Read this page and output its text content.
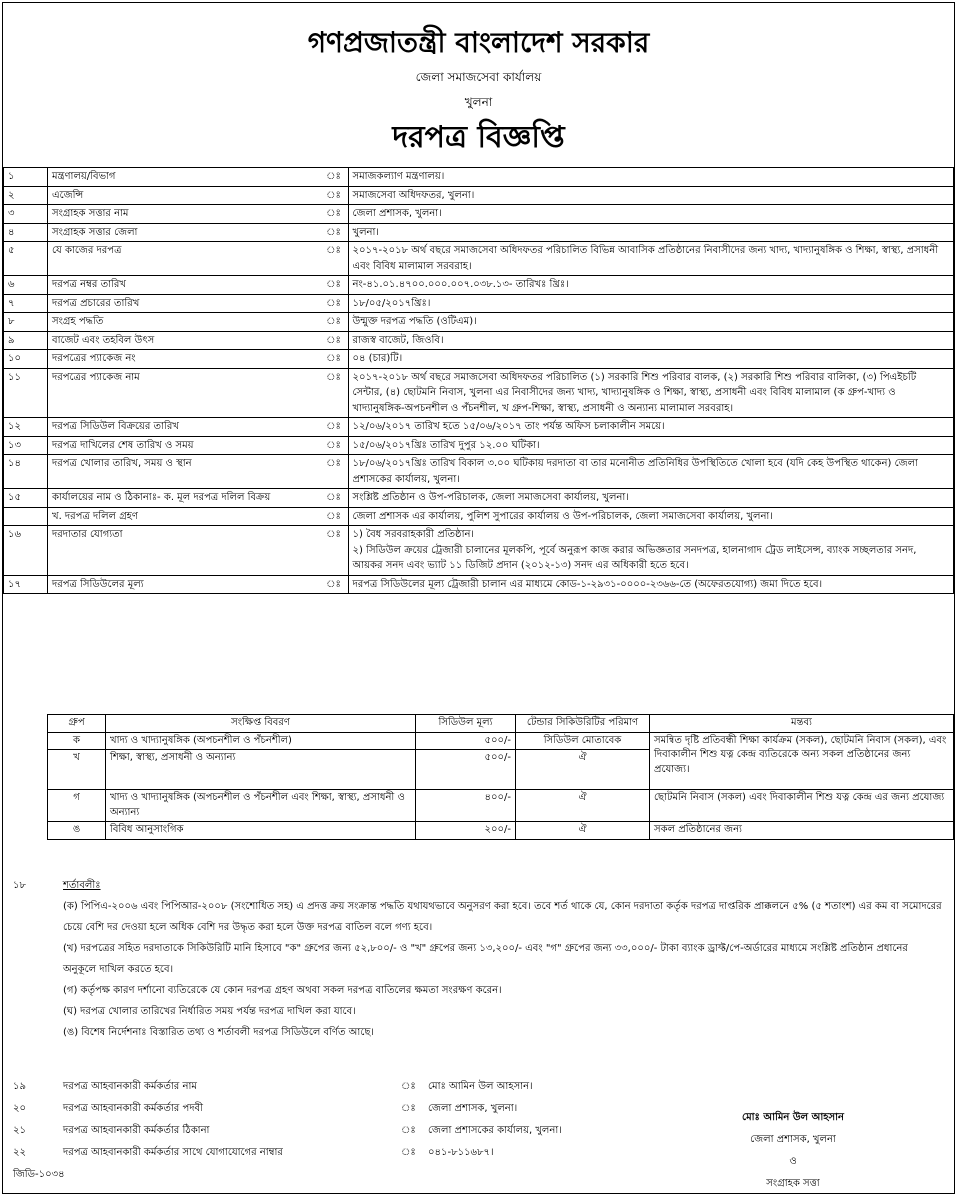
গণপ্রজাতন্ত্রী বাংলাদেশ সরকার
জেলা সমাজসেবা কার্যালয়
খুলনা
দরপত্র বিজ্ঞপ্তি
১	মন্ত্রণালয়/বিভাগ	ঃ	সমাজকল্যাণ মন্ত্রণালয়।
২	এজেন্সি	ঃ	সমাজসেবা অধিদফতর, খুলনা।
৩	সংগ্রাহক সত্তার নাম	ঃ	জেলা প্রশাসক, খুলনা।
৪	সংগ্রাহক সত্তার জেলা	ঃ	খুলনা।
৫	যে কাজের দরপত্র	ঃ	২০১৭-২০১৮ অর্থ বছরে সমাজসেবা অধিদফতর পরিচালিত বিভিন্ন আবাসিক প্রতিষ্ঠানের নিবাসীদের জন্য খাদ্য, খাদ্যানুষঙ্গিক ও শিক্ষা, স্বাস্থ্য, প্রসাধনী এবং বিবিধ মালামাল সরবরাহ।
৬	দরপত্র নম্বর তারিখ	ঃ	নং-৪১.০১.৪৭০০.০০০.০০৭.০৩৮.১৩- তারিখঃ খ্রিঃ।
৭	দরপত্র প্রচারের তারিখ	ঃ	১৮/০৫/২০১৭খ্রিঃ।
৮	সংগ্রহ পদ্ধতি	ঃ	উন্মুক্ত দরপত্র পদ্ধতি (ওটিএম)।
৯	বাজেট এবং তহবিল উৎস	ঃ	রাজস্ব বাজেট, জিওবি।
১০	দরপত্রের প্যাকেজ নং	ঃ	০৪ (চার)টি।
১১	দরপত্রের প্যাকেজ নাম	ঃ	২০১৭-২০১৮ অর্থ বছরে সমাজসেবা অধিদফতর পরিচালিত (১) সরকারি শিশু পরিবার বালক, (২) সরকারি শিশু পরিবার বালিকা, (৩) পিএইচটি সেন্টার, (৪) ছোটমনি নিবাস, খুলনা এর নিবাসীদের জন্য খাদ্য, খাদ্যানুষঙ্গিক ও শিক্ষা, স্বাস্থ্য, প্রসাধনী এবং বিবিধ মালামাল (ক গ্রুপ-খাদ্য ও খাদ্যানুষঙ্গিক-অপচনশীল ও পঁচনশীল, খ গ্রুপ-শিক্ষা, স্বাস্থ্য, প্রসাধনী ও অন্যান্য মালামাল সরবরাহ।
১২	দরপত্র সিডিউল বিক্রয়ের তারিখ	ঃ	১২/০৬/২০১৭ তারিখ হতে ১৫/০৬/২০১৭ তাং পর্যন্ত অফিস চলাকালীন সময়ে।
১৩	দরপত্র দাখিলের শেষ তারিখ ও সময়	ঃ	১৫/০৬/২০১৭খ্রিঃ তারিখ দুপুর ১২.০০ ঘটিকা।
১৪	দরপত্র খোলার তারিখ, সময় ও স্থান	ঃ	১৮/০৬/২০১৭খ্রিঃ তারিখ বিকাল ৩.০০ ঘটিকায় দরদাতা বা তার মনোনীত প্রতিনিধির উপস্থিতিতে খোলা হবে (যদি কেহ উপস্থিত থাকেন) জেলা প্রশাসকের কার্যালয়, খুলনা।
১৫	কার্যালয়ের নাম ও ঠিকানাঃ- ক. মূল দরপত্র দলিল বিক্রয়	ঃ	সংশ্লিষ্ট প্রতিষ্ঠান ও উপ-পরিচালক, জেলা সমাজসেবা কার্যালয়, খুলনা।
	খ. দরপত্র দলিল গ্রহণ	ঃ	জেলা প্রশাসক এর কার্যালয়, পুলিশ সুপারের কার্যালয় ও উপ-পরিচালক, জেলা সমাজসেবা কার্যালয়, খুলনা।
১৬	দরদাতার যোগ্যতা	ঃ	১) বৈধ সরবরাহকারী প্রতিষ্ঠান।
২) সিডিউল ক্রয়ের ট্রেজারী চালানের মূলকপি, পূর্বে অনুরূপ কাজ করার অভিজ্ঞতার সনদপত্র, হালনাগাদ ট্রেড লাইসেন্স, ব্যাংক সচ্ছলতার সনদ, আয়কর সনদ এবং ভ্যাট ১১ ডিজিট প্রদান (২০১২-১৩) সনদ এর অধিকারী হতে হবে।
১৭	দরপত্র সিডিউলের মূল্য	ঃ	দরপত্র সিডিউলের মূল্য ট্রেজারী চালান এর মাধ্যমে কোড-১-২৯৩১-০০০০-২৩৬৬-তে (অফেরতযোগ্য) জমা দিতে হবে।
গ্রুপ	সংক্ষিপ্ত বিবরণ	সিডিউল মূল্য	টেন্ডার সিকিউরিটির পরিমাণ	মন্তব্য
ক	খাদ্য ও খাদ্যানুষঙ্গিক (অপচনশীল ও পঁচনশীল)	৫০০/-	সিডিউল মোতাবেক	সমন্বিত দৃষ্টি প্রতিবন্ধী শিক্ষা কার্যক্রম (সকল), ছোটমনি নিবাস (সকল), এবং দিবাকালীন শিশু যত্ন কেন্দ্র ব্যতিরেকে অন্য সকল প্রতিষ্ঠানের জন্য প্রযোজ্য।
খ	শিক্ষা, স্বাস্থ্য, প্রসাধনী ও অন্যান্য	৫০০/-	ঐ	
গ	খাদ্য ও খাদ্যানুষঙ্গিক (অপচনশীল ও পঁচনশীল এবং শিক্ষা, স্বাস্থ্য, প্রসাধনী ও অন্যান্য	৪০০/-	ঐ	ছোটমনি নিবাস (সকল) এবং দিবাকালীন শিশু যত্ন কেন্দ্র এর জন্য প্রযোজ্য
ঙ	বিবিধ আনুসাংগিক	২০০/-	ঐ	সকল প্রতিষ্ঠানের জন্য
১৮	শর্তাবলীঃ

(ক) পিপিএ-২০০৬ এবং পিপিআর-২০০৮ (সংশোধিত সহ) এ প্রদত্ত ক্রয় সংক্রান্ত পদ্ধতি যথাযথভাবে অনুসরণ করা হবে। তবে শর্ত থাকে যে, কোন দরদাতা কর্তৃক দরপত্র দাপ্তরিক প্রাক্কলনে ৫% (৫ শতাংশ) এর কম বা সমোদরের চেয়ে বেশি দর দেওয়া হলে অধিক বেশি দর উদ্ধৃত করা হলে উক্ত দরপত্র বাতিল বলে গণ্য হবে।

(খ) দরপত্রের সহিত দরদাতাকে সিকিউরিটি মানি হিসাবে "ক" গ্রুপের জন্য ৫২,৮০০/- ও "খ" গ্রুপের জন্য ১৩,২০০/- এবং "গ" গ্রুপের জন্য ৩৩,০০০/- টাকা ব্যাংক ড্রাফ্ট/পে-অর্ডারের মাধ্যমে সংশ্লিষ্ট প্রতিষ্ঠান প্রধানের অনুকূলে দাখিল করতে হবে।

(গ) কর্তৃপক্ষ কারণ দর্শানো ব্যতিরেকে যে কোন দরপত্র গ্রহণ অথবা সকল দরপত্র বাতিলের ক্ষমতা সংরক্ষণ করেন।

(ঘ) দরপত্র খোলার তারিখের নির্ধারিত সময় পর্যন্ত দরপত্র দাখিল করা যাবে।

(ঙ) বিশেষ নির্দেশনাঃ বিস্তারিত তথ্য ও শর্তাবলী দরপত্র সিডিউলে বর্ণিত আছে।

১৯	দরপত্র আহবানকারী কর্মকর্তার নাম	ঃ মোঃ আমিন উল আহসান।
২০	দরপত্র আহবানকারী কর্মকর্তার পদবী	ঃ জেলা প্রশাসক, খুলনা।
২১	দরপত্র আহবানকারী কর্মকর্তার ঠিকানা	ঃ জেলা প্রশাসকের কার্যালয়, খুলনা।
২২	দরপত্র আহবানকারী কর্মকর্তার সাথে যোগাযোগের নাম্বার	ঃ ০৪১-৮১১৬৮৭।
মোঃ আমিন উল আহসান
জেলা প্রশাসক, খুলনা
ও
সংগ্রাহক সত্তা
জিডি-১০৩৪
